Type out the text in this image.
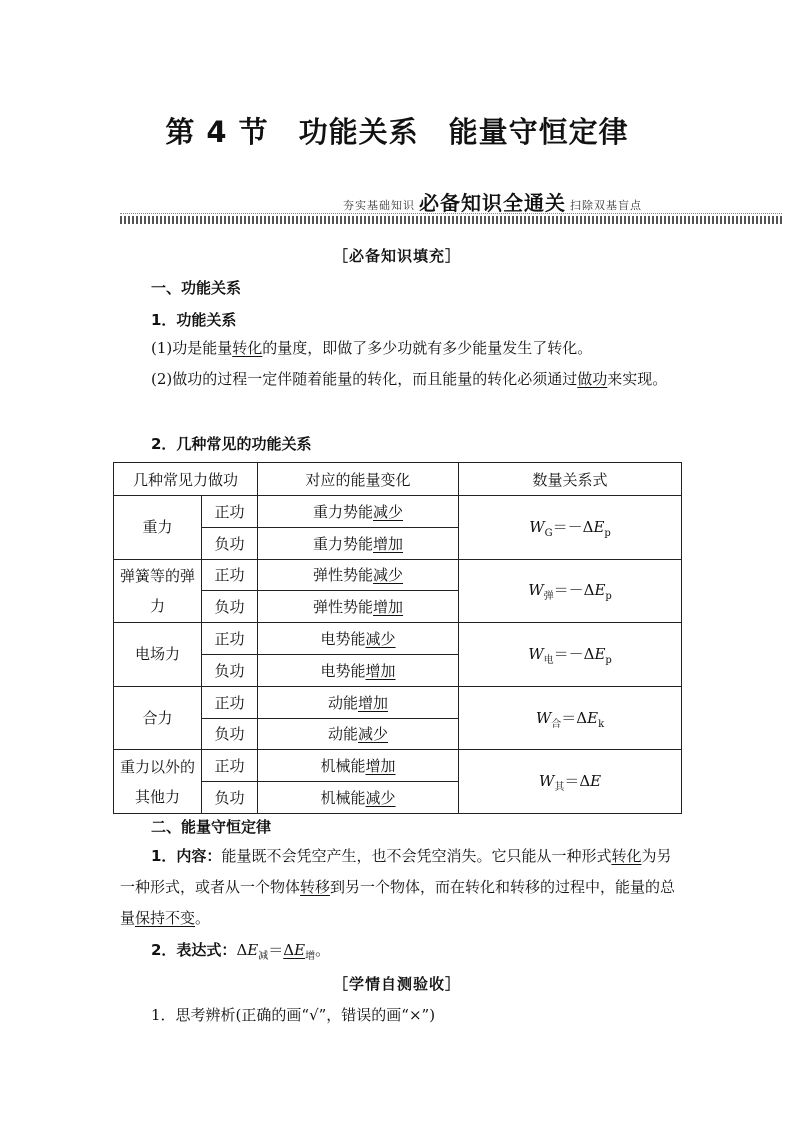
第 4 节　功能关系　能量守恒定律
夯实基础知识 必备知识全通关 扫除双基盲点
［必备知识填充］
一、功能关系
1．功能关系
(1)功是能量转化的量度，即做了多少功就有多少能量发生了转化。
(2)做功的过程一定伴随着能量的转化，而且能量的转化必须通过做功来实现。
2．几种常见的功能关系
几种常见力做功		对应的能量变化	数量关系式
重力	正功	重力势能减少	$W_G=-\Delta E_p$
	负功	重力势能增加	
弹簧等的弹力	正功	弹性势能减少	$W_弹=-\Delta E_p$
	负功	弹性势能增加	
电场力	正功	电势能减少	$W_电=-\Delta E_p$
	负功	电势能增加	
合力	正功	动能增加	$W_合=\Delta E_k$
	负功	动能减少	
重力以外的其他力	正功	机械能增加	$W_其=\Delta E$
	负功	机械能减少	
二、能量守恒定律
1．内容：能量既不会凭空产生，也不会凭空消失。它只能从一种形式转化为另一种形式，或者从一个物体转移到另一个物体，而在转化和转移的过程中，能量的总量保持不变。
2．表达式：$\Delta E_减=\Delta E_增$。
［学情自测验收］
1．思考辨析(正确的画“√”，错误的画“×”)
